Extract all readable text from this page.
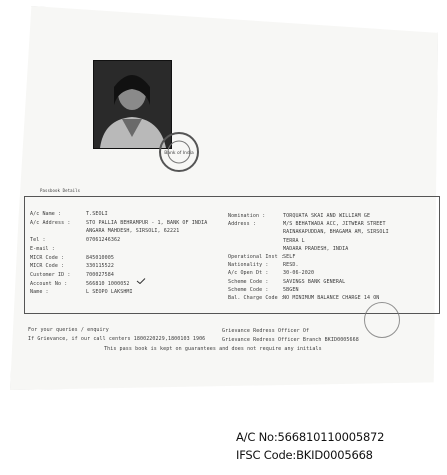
Bank of India
Passbook Details
A/c Name :	T.SEOLI
A/c Address :	STO PALLIA BEHRAMPUR - 1, BANK OF INDIA
ANGARA MAHDESH, SIRSOLI, 62221
Tel :	07061246362
E-mail :
MICR Code :	845010005
MICR Code :	330115522
Customer ID :	700027584
Account No :	566810 1000052
Name :	L SEOPO LAKSHMI
Nomination :	TORQUATA SKAI AND WILLIAM GE
Address :	M/S BEHATWADA ACC, JITWEAR STREET
RAINAKAPUDDAN, BHAGAMA AM, SIRSOLI
TERRA L
MADARA PRADESH, INDIA
Operational Inst : SELF
Nationality :	RESD.
A/c Open Dt :	30-06-2020
Scheme Code :	SAVINGS BANK GENERAL
Scheme Code :	5BGEN
Bal. Charge Code : NO MINIMUM BALANCE CHARGE 14 ON
For your queries / enquiry
If Grievance, if our call centers 1800220229,1800103 1906
This pass book is kept on guarantees and does not require any initials
Grievance Redress Officer Of
Grievance Redress Officer Branch BKID0005668
A/C No:566810110005872
IFSC Code:BKID0005668
